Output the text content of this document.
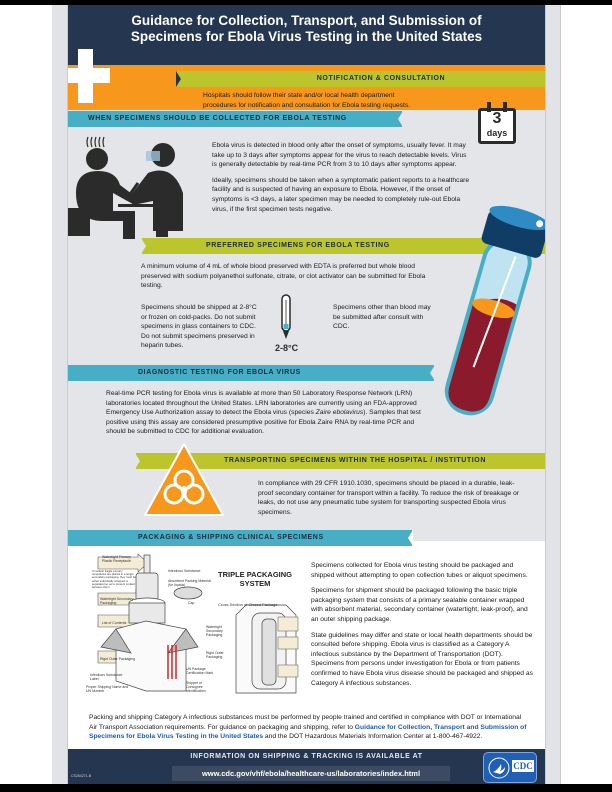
Guidance for Collection, Transport, and Submission of
Specimens for Ebola Virus Testing in the United States
NOTIFICATION & CONSULTATION
Hospitals should follow their state and/or local health department
procedures for notification and consultation for Ebola testing requests.
WHEN SPECIMENS SHOULD BE COLLECTED FOR EBOLA TESTING

Ebola virus is detected in blood only after the onset of symptoms, usually fever. It may take up to 3 days after symptoms appear for the virus to reach detectable levels. Virus is generally detectable by real-time PCR from 3 to 10 days after symptoms appear.

Ideally, specimens should be taken when a symptomatic patient reports to a healthcare facility and is suspected of having an exposure to Ebola. However, if the onset of symptoms is <3 days, a later specimen may be needed to completely rule-out Ebola virus, if the first specimen tests negative.

3
days
PREFERRED SPECIMENS FOR EBOLA TESTING

A minimum volume of 4 mL of whole blood preserved with EDTA is preferred but whole blood preserved with sodium polyanethol sulfonate, citrate, or clot activator can be submitted for Ebola testing.

Specimens should be shipped at 2-8°C or frozen on cold-packs. Do not submit specimens in glass containers to CDC. Do not submit specimens preserved in heparin tubes.	2-8°C

Specimens other than blood may be submitted after consult with CDC.

DIAGNOSTIC TESTING FOR EBOLA VIRUS

Real-time PCR testing for Ebola virus is available at more than 50 Laboratory Response Network (LRN) laboratories located throughout the United States. LRN laboratories are currently using an FDA-approved Emergency Use Authorization assay to detect the Ebola virus (species Zaire ebolavirus). Samples that test positive using this assay are considered presumptive positive for Ebola Zaire RNA by real-time PCR and should be submitted to CDC for additional evaluation.

TRANSPORTING SPECIMENS WITHIN THE HOSPITAL / INSTITUTION

In compliance with 29 CFR 1910.1030, specimens should be placed in a durable, leak-proof secondary container for transport within a facility. To reduce the risk of breakage or leaks, do not use any pneumatic tube system for transporting suspected Ebola virus specimens.

PACKAGING & SHIPPING CLINICAL SPECIMENS
Watertight Primary Plastic Receptacle
If multiple fragile primary receptacles are placed in a single secondary packaging, they must be either individually wrapped or separated so as to prevent contact between them
Infectious Substance
Absorbent Packing Material (for liquids)
Cap
Watertight Secondary Packaging
List of Contents
Rigid Outer Packaging
Infectious Substance Label
Proper Shipping Name and UN Number
UN Package Certification Mark
Shipper or Consignee Identification
TRIPLE PACKAGING
SYSTEM
Cross Section of Closed Package
Watertight Secondary Packaging
Rigid Outer Packaging

Specimens collected for Ebola virus testing should be packaged and shipped without attempting to open collection tubes or aliquot specimens.

Specimens for shipment should be packaged following the basic triple packaging system that consists of a primary sealable container wrapped with absorbent material, secondary container (watertight, leak-proof), and an outer shipping package.

State guidelines may differ and state or local health departments should be consulted before shipping. Ebola virus is classified as a Category A infectious substance by the Department of Transportation (DOT). Specimens from persons under investigation for Ebola or from patients confirmed to have Ebola virus disease should be packaged and shipped as Category A infectious substances.

Packing and shipping Category A infectious substances must be performed by people trained and certified in compliance with DOT or International Air Transport Association requirements. For guidance on packaging and shipping, refer to Guidance for Collection, Transport and Submission of Specimens for Ebola Virus Testing in the United States and the DOT Hazardous Materials Information Center at 1-800-467-4922.

INFORMATION ON SHIPPING & TRACKING IS AVAILABLE AT
www.cdc.gov/vhf/ebola/healthcare-us/laboratories/index.html
CS254271-B
CDC
